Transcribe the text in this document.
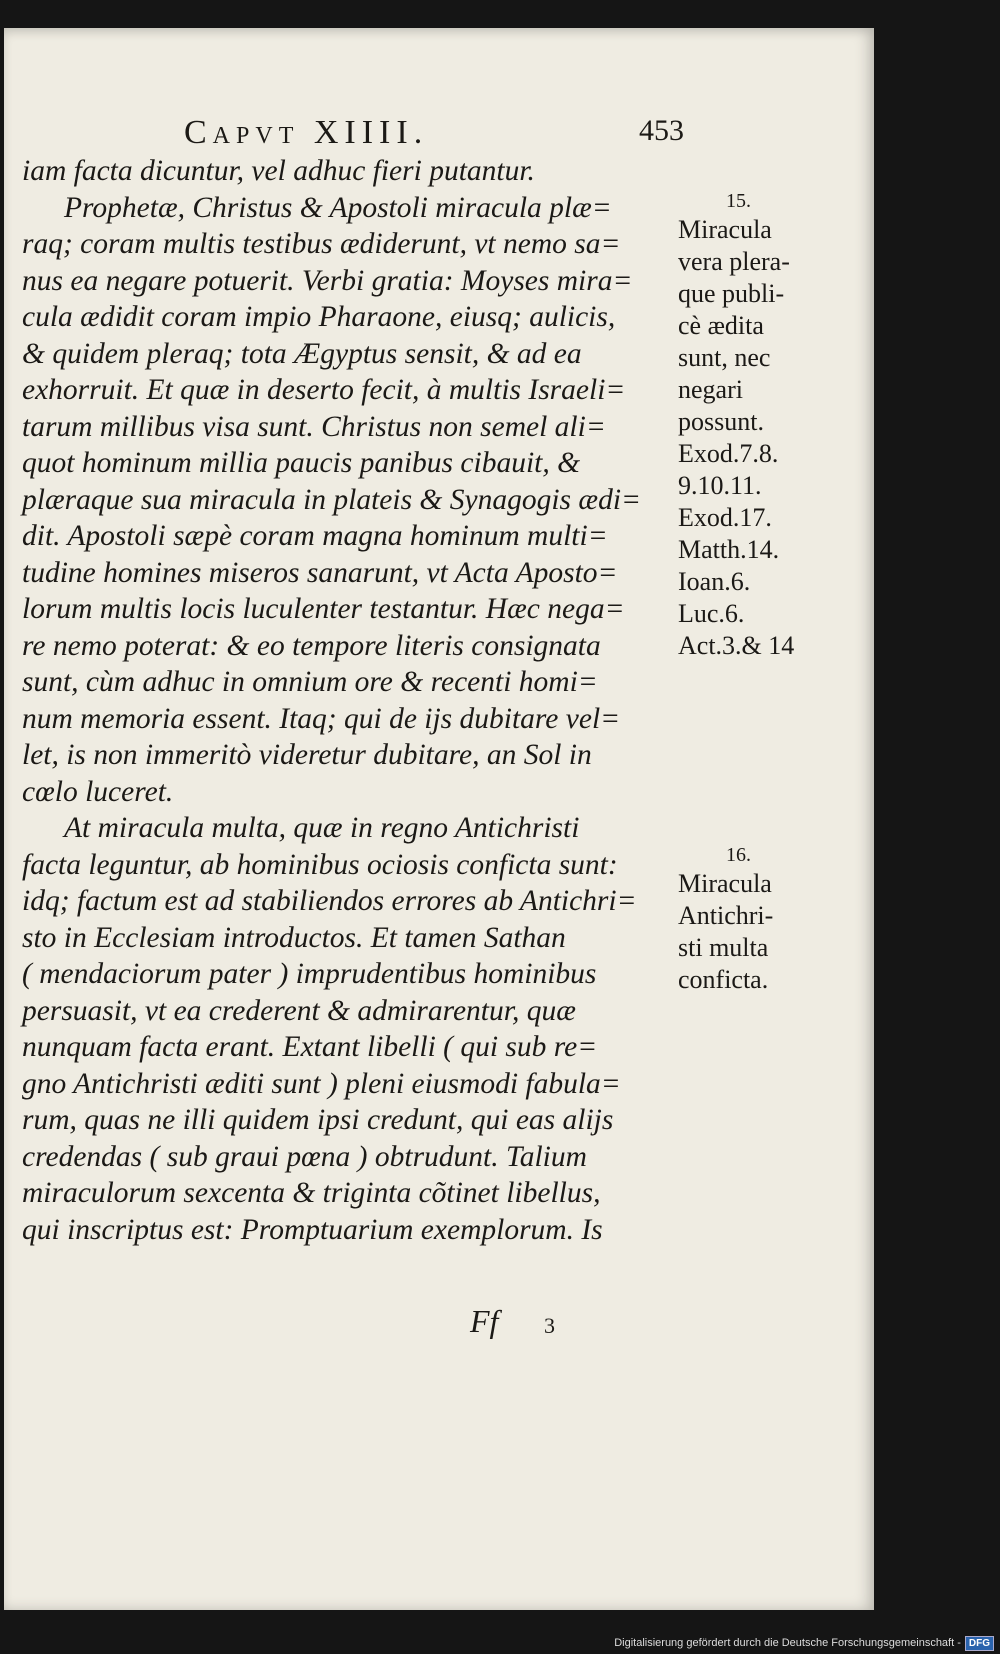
Capvt XIIII.	453
iam facta dicuntur, vel adhuc fieri putantur.
Prophetæ, Christus & Apostoli miracula plæ=
raq; coram multis testibus ædiderunt, vt nemo sa=
nus ea negare potuerit. Verbi gratia: Moyses mira=
cula ædidit coram impio Pharaone, eiusq; aulicis,
& quidem pleraq; tota Ægyptus sensit, & ad ea
exhorruit. Et quæ in deserto fecit, à multis Israeli=
tarum millibus visa sunt. Christus non semel ali=
quot hominum millia paucis panibus cibauit, &
plæraque sua miracula in plateis & Synagogis ædi=
dit. Apostoli sæpè coram magna hominum multi=
tudine homines miseros sanarunt, vt Acta Aposto=
lorum multis locis luculenter testantur. Hæc nega=
re nemo poterat: & eo tempore literis consignata
sunt, cùm adhuc in omnium ore & recenti homi=
num memoria essent. Itaq; qui de ijs dubitare vel=
let, is non immeritò videretur dubitare, an Sol in
cœlo luceret.
At miracula multa, quæ in regno Antichristi
facta leguntur, ab hominibus ociosis conficta sunt:
idq; factum est ad stabiliendos errores ab Antichri=
sto in Ecclesiam introductos. Et tamen Sathan
( mendaciorum pater ) imprudentibus hominibus
persuasit, vt ea crederent & admirarentur, quæ
nunquam facta erant. Extant libelli ( qui sub re=
gno Antichristi æditi sunt ) pleni eiusmodi fabula=
rum, quas ne illi quidem ipsi credunt, qui eas alijs
credendas ( sub graui pœna ) obtrudunt. Talium
miraculorum sexcenta & triginta cõtinet libellus,
qui inscriptus est: Promptuarium exemplorum. Is
15.
Miracula
vera plera-
que publi-
cè ædita
sunt, nec
negari
possunt.
Exod.7.8.
9.10.11.
Exod.17.
Matth.14.
Ioan.6.
Luc.6.
Act.3.& 14
16.
Miracula
Antichri-
sti multa
conficta.
Ff 3
Digitalisierung gefördert durch die Deutsche Forschungsgemeinschaft - DFG
